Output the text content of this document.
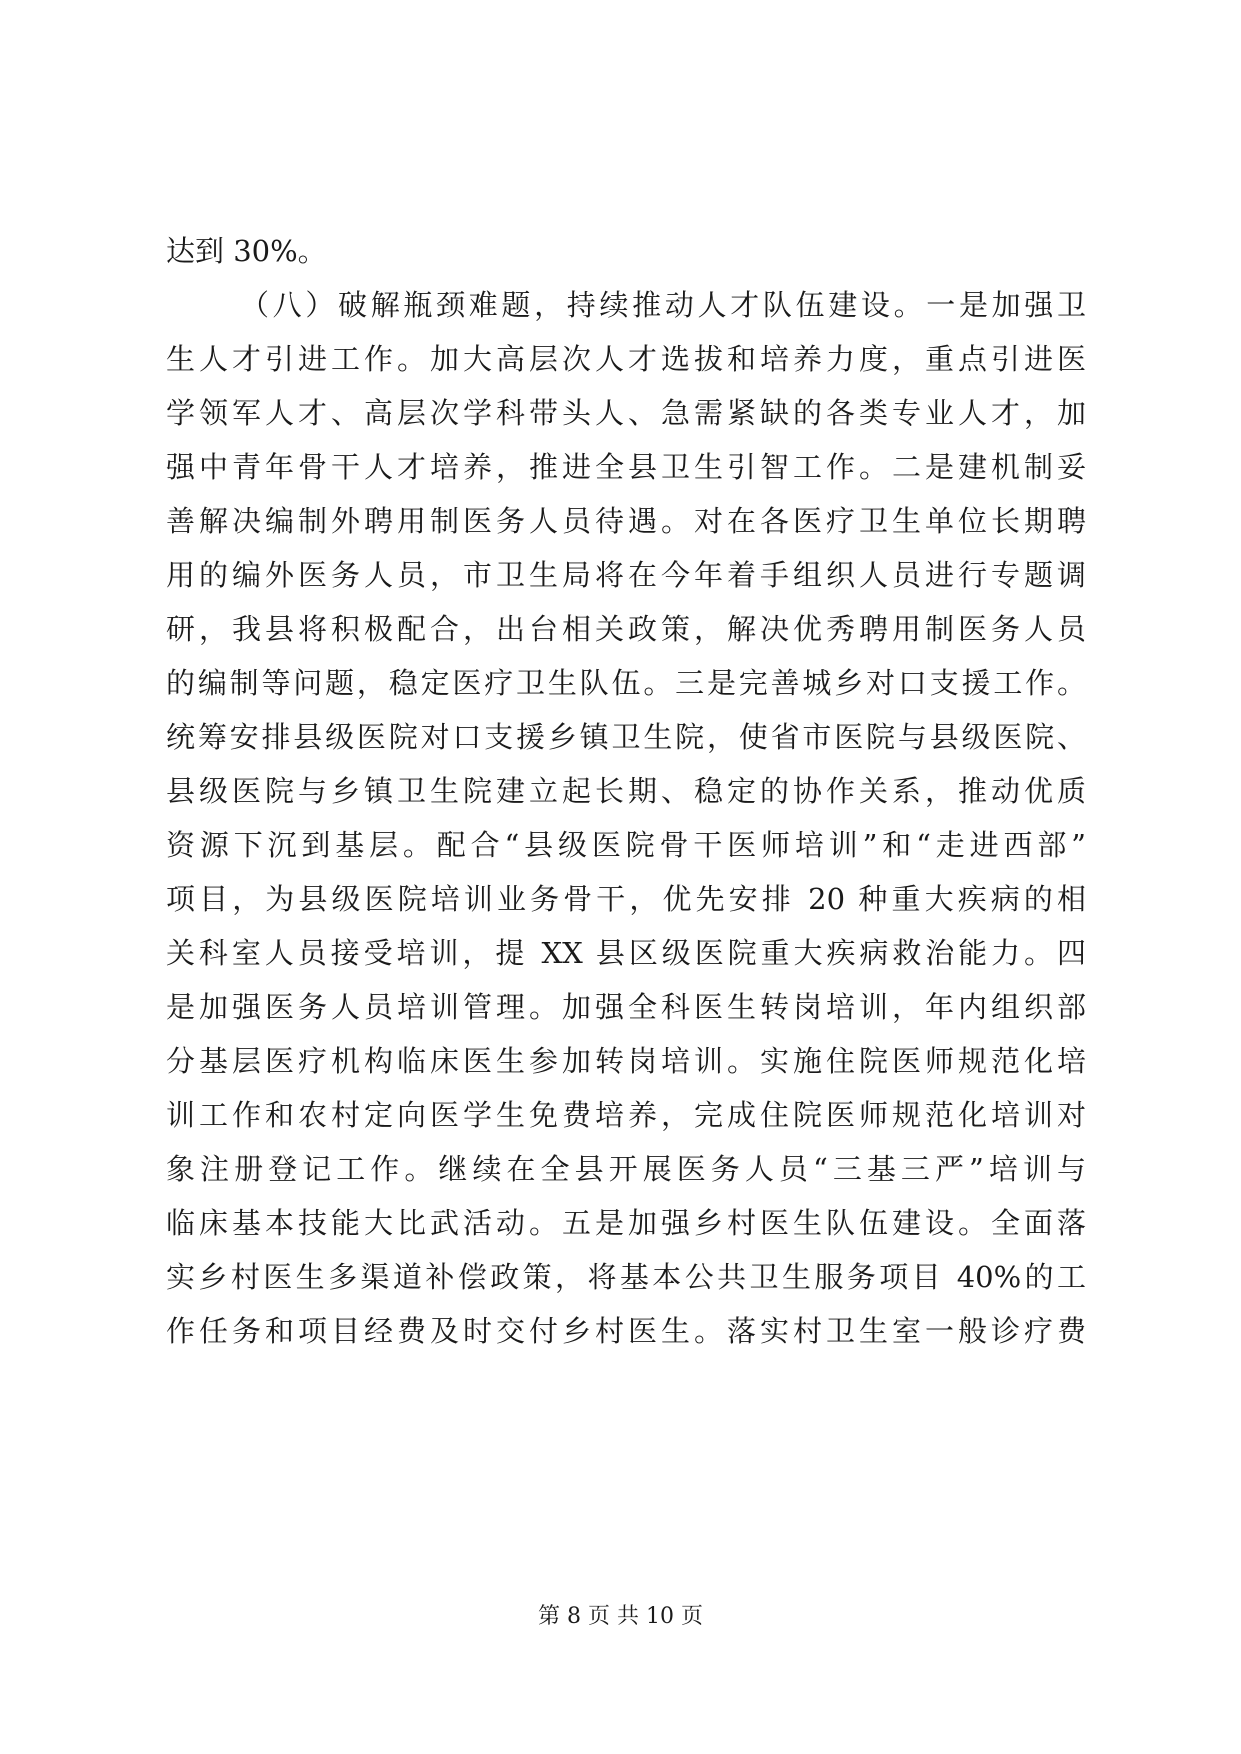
达到 30%。
（八）破解瓶颈难题，持续推动人才队伍建设。一是加强卫
生人才引进工作。加大高层次人才选拔和培养力度，重点引进医
学领军人才、高层次学科带头人、急需紧缺的各类专业人才，加
强中青年骨干人才培养，推进全县卫生引智工作。二是建机制妥
善解决编制外聘用制医务人员待遇。对在各医疗卫生单位长期聘
用的编外医务人员，市卫生局将在今年着手组织人员进行专题调
研，我县将积极配合，出台相关政策，解决优秀聘用制医务人员
的编制等问题，稳定医疗卫生队伍。三是完善城乡对口支援工作。
统筹安排县级医院对口支援乡镇卫生院，使省市医院与县级医院、
县级医院与乡镇卫生院建立起长期、稳定的协作关系，推动优质
资源下沉到基层。配合“县级医院骨干医师培训”和“走进西部”
项目，为县级医院培训业务骨干，优先安排 20 种重大疾病的相
关科室人员接受培训，提 XX 县区级医院重大疾病救治能力。四
是加强医务人员培训管理。加强全科医生转岗培训，年内组织部
分基层医疗机构临床医生参加转岗培训。实施住院医师规范化培
训工作和农村定向医学生免费培养，完成住院医师规范化培训对
象注册登记工作。继续在全县开展医务人员“三基三严”培训与
临床基本技能大比武活动。五是加强乡村医生队伍建设。全面落
实乡村医生多渠道补偿政策，将基本公共卫生服务项目 40%的工
作任务和项目经费及时交付乡村医生。落实村卫生室一般诊疗费
第 8 页 共 10 页
